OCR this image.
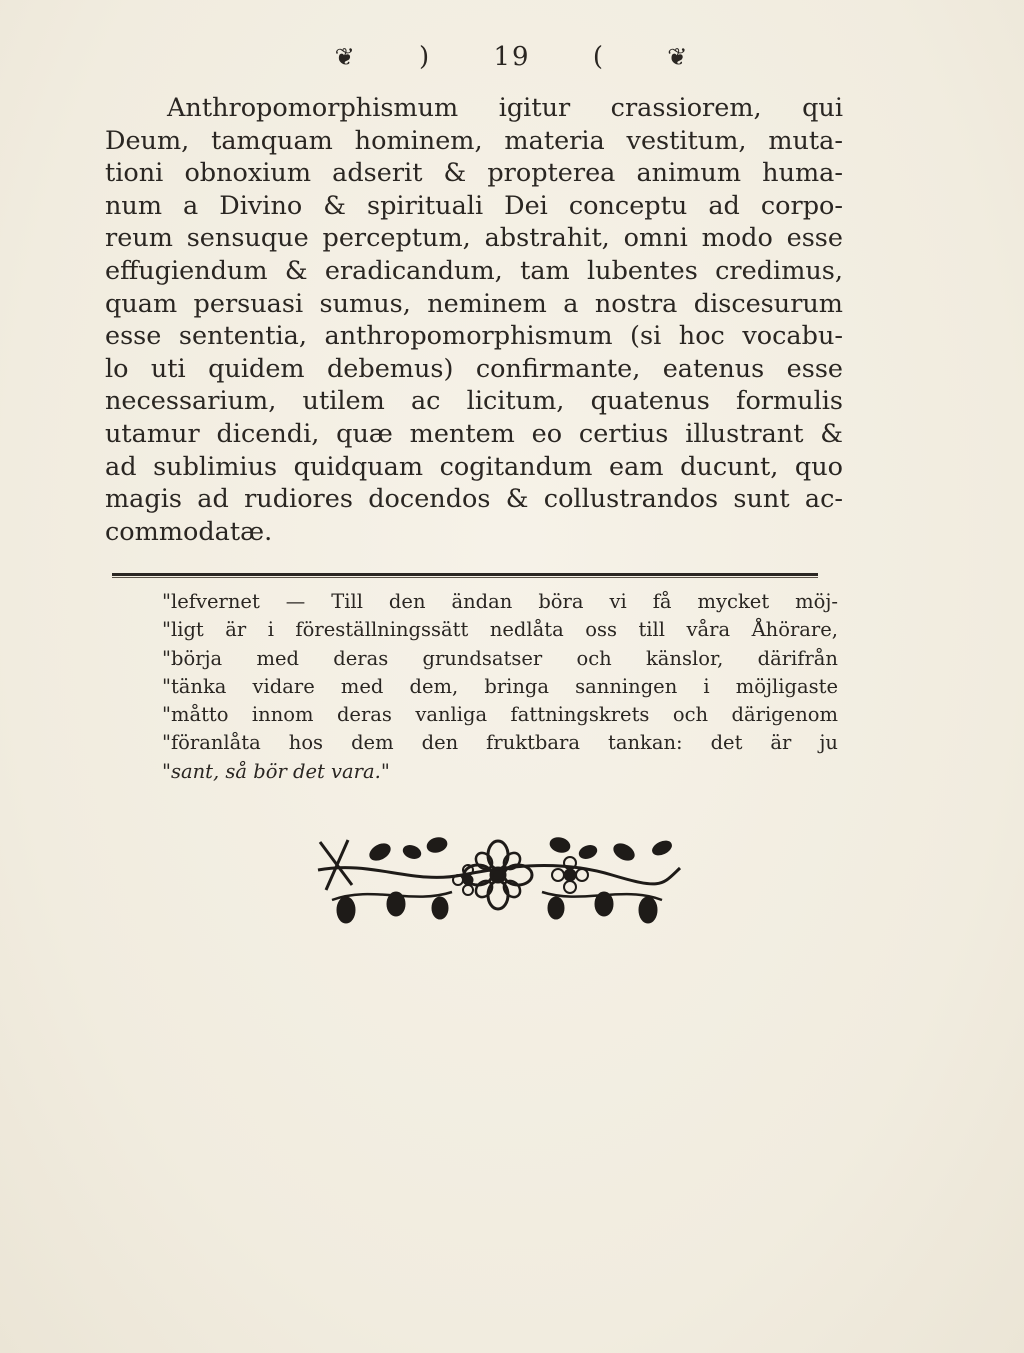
❦ ) 19 (	❦
Anthropomorphismum igitur crassiorem, qui
Deum, tamquam hominem, materia vestitum, muta-
tioni obnoxium adserit & propterea animum huma-
num a Divino & spirituali Dei conceptu ad corpo-
reum sensuque perceptum, abstrahit, omni modo esse
effugiendum & eradicandum, tam lubentes credimus,
quam persuasi sumus, neminem a nostra discesurum
esse sententia, anthropomorphismum (si hoc vocabu-
lo uti quidem debemus) confirmante, eatenus esse
necessarium, utilem ac licitum, quatenus formulis
utamur dicendi, quæ mentem eo certius illustrant &
ad sublimius quidquam cogitandum eam ducunt, quo
magis ad rudiores docendos & collustrandos sunt ac-
commodatæ.
"lefvernet — Till den ändan böra vi få mycket möj-
"ligt är i föreställningssätt nedlåta oss till våra Åhörare,
"börja med deras grundsatser och känslor, därifrån
"tänka vidare med dem, bringa sanningen i möjligaste
"måtto innom deras vanliga fattningskrets och därigenom
"föranlåta hos dem den fruktbara tankan: det är ju
"sant, så bör det vara."
